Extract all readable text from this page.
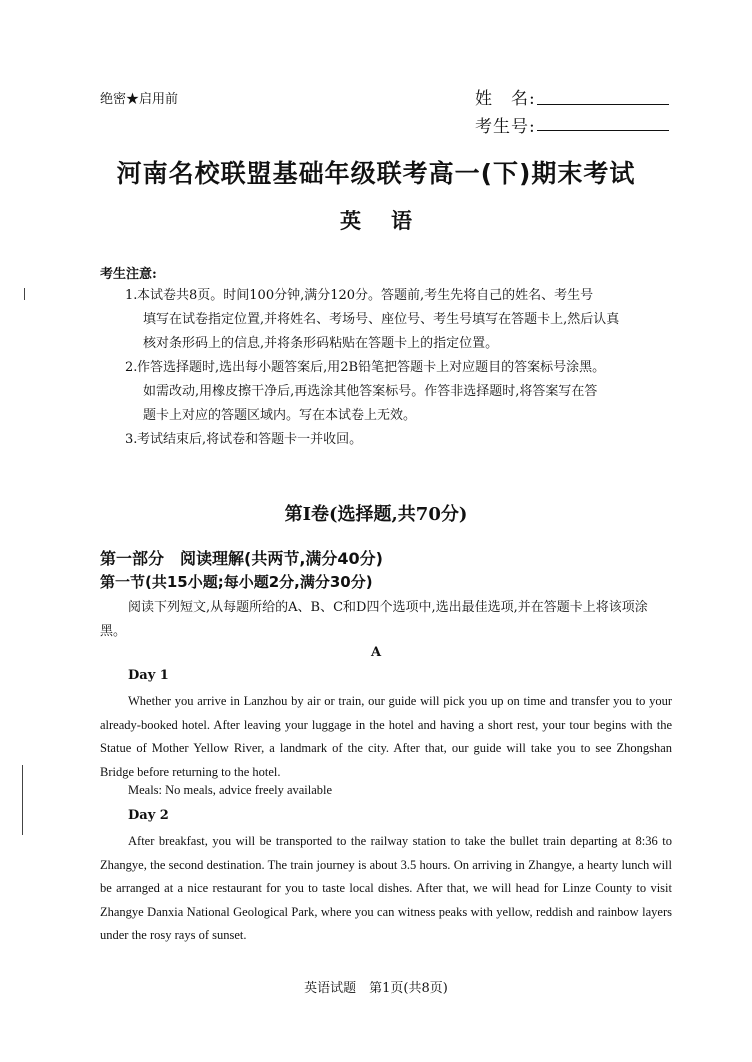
绝密★启用前	姓　名:
考生号:
河南名校联盟基础年级联考高一(下)期末考试
英语
考生注意:
1.本试卷共8页。时间100分钟,满分120分。答题前,考生先将自己的姓名、考生号
填写在试卷指定位置,并将姓名、考场号、座位号、考生号填写在答题卡上,然后认真
核对条形码上的信息,并将条形码粘贴在答题卡上的指定位置。
2.作答选择题时,选出每小题答案后,用2B铅笔把答题卡上对应题目的答案标号涂黑。
如需改动,用橡皮擦干净后,再选涂其他答案标号。作答非选择题时,将答案写在答
题卡上对应的答题区域内。写在本试卷上无效。
3.考试结束后,将试卷和答题卡一并收回。
第Ⅰ卷(选择题,共70分)
第一部分　阅读理解(共两节,满分40分)
第一节(共15小题;每小题2分,满分30分)
阅读下列短文,从每题所给的A、B、C和D四个选项中,选出最佳选项,并在答题卡上将该项涂黑。
A
Day 1
Whether you arrive in Lanzhou by air or train, our guide will pick you up on time and transfer you to your already-booked hotel. After leaving your luggage in the hotel and having a short rest, your tour begins with the Statue of Mother Yellow River, a landmark of the city. After that, our guide will take you to see Zhongshan Bridge before returning to the hotel.
Meals: No meals, advice freely available
Day 2
After breakfast, you will be transported to the railway station to take the bullet train departing at 8:36 to Zhangye, the second destination. The train journey is about 3.5 hours. On arriving in Zhangye, a hearty lunch will be arranged at a nice restaurant for you to taste local dishes. After that, we will head for Linze County to visit Zhangye Danxia National Geological Park, where you can witness peaks with yellow, reddish and rainbow layers under the rosy rays of sunset.
英语试题　第1页(共8页)
